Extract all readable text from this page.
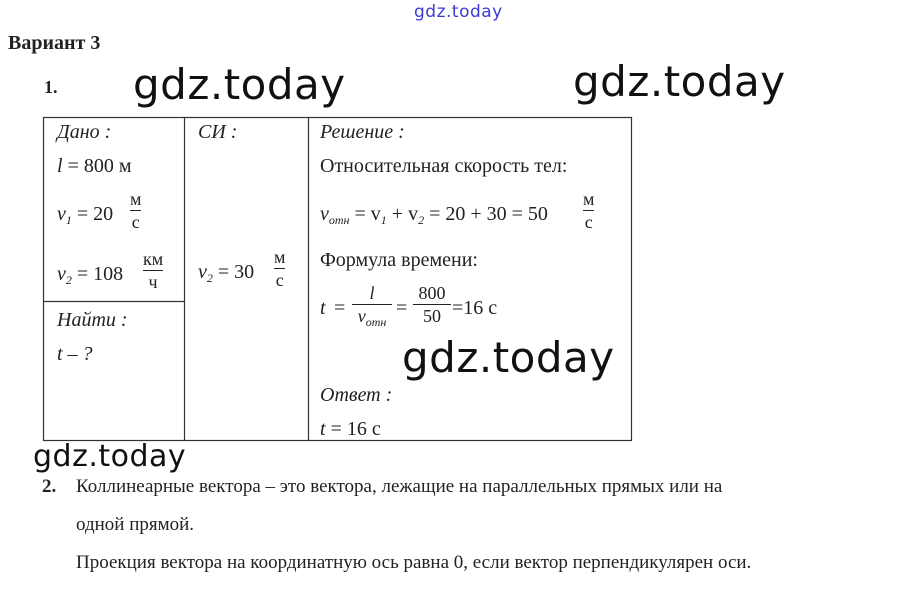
gdz.today
gdz.today	gdz.today
gdz.today
gdz.today
Вариант 3
1.
Дано :
l = 800 м
$v_1 = 20$
м
с
$v_2 = 108$
км
ч
Найти :
t – ?
СИ :
$v_2 = 30$
м
с
Решение :
Относительная скорость тел:
$v_{отн} = v_1 + v_2 = 20 + 30 = 50$
м
с
Формула времени:
t =
l
$v_{отн}$
=
800
50 =16 с
Ответ :
t = 16 с
2. Коллинеарные вектора – это вектора, лежащие на параллельных прямых или на
одной прямой.
Проекция вектора на координатную ось равна 0, если вектор перпендикулярен оси.
